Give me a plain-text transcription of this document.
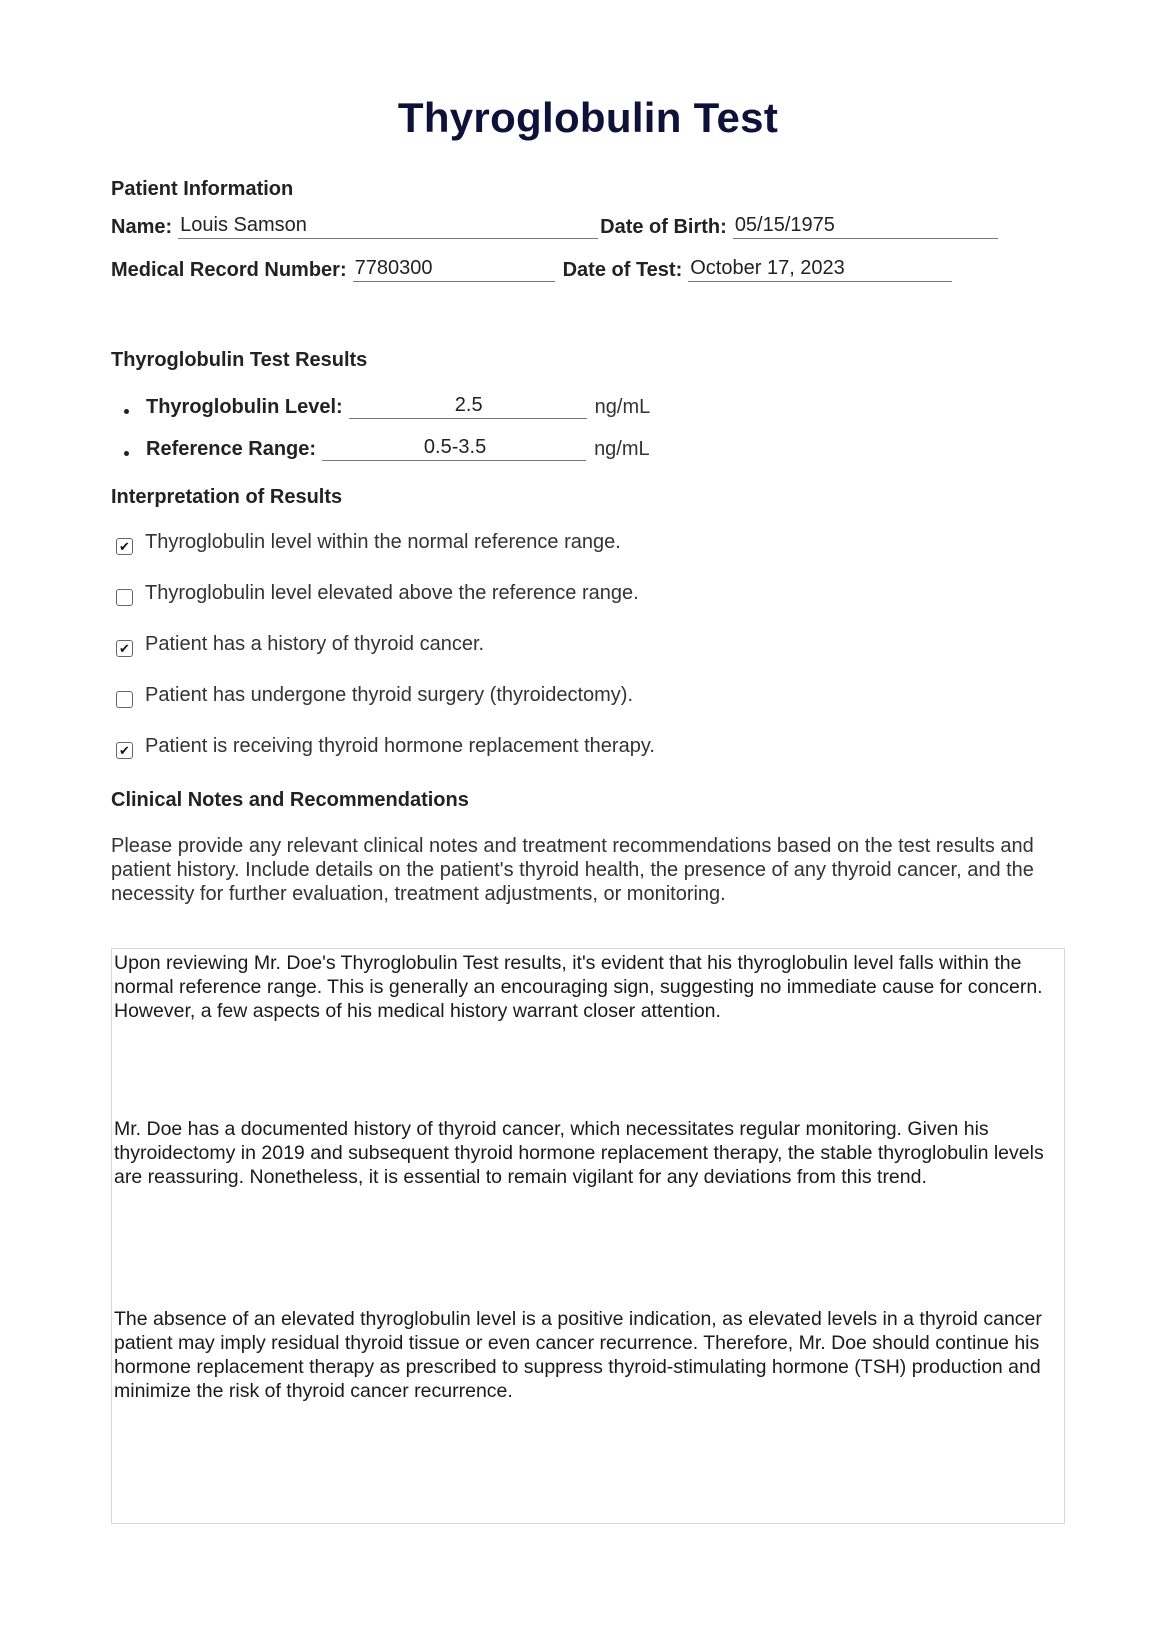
Thyroglobulin Test
Patient Information
Name: Louis Samson	Date of Birth: 05/15/1975
Medical Record Number: 7780300	Date of Test: October 17, 2023
Thyroglobulin Test Results
Thyroglobulin Level:	2.5	ng/mL
Reference Range:	0.5-3.5	ng/mL
Interpretation of Results
✔ Thyroglobulin level within the normal reference range.
Thyroglobulin level elevated above the reference range.
✔ Patient has a history of thyroid cancer.
Patient has undergone thyroid surgery (thyroidectomy).
✔ Patient is receiving thyroid hormone replacement therapy.
Clinical Notes and Recommendations
Please provide any relevant clinical notes and treatment recommendations based on the test results and patient history. Include details on the patient's thyroid health, the presence of any thyroid cancer, and the necessity for further evaluation, treatment adjustments, or monitoring.

Upon reviewing Mr. Doe's Thyroglobulin Test results, it's evident that his thyroglobulin level falls within the normal reference range. This is generally an encouraging sign, suggesting no immediate cause for concern. However, a few aspects of his medical history warrant closer attention.

Mr. Doe has a documented history of thyroid cancer, which necessitates regular monitoring. Given his thyroidectomy in 2019 and subsequent thyroid hormone replacement therapy, the stable thyroglobulin levels are reassuring. Nonetheless, it is essential to remain vigilant for any deviations from this trend.

The absence of an elevated thyroglobulin level is a positive indication, as elevated levels in a thyroid cancer patient may imply residual thyroid tissue or even cancer recurrence. Therefore, Mr. Doe should continue his hormone replacement therapy as prescribed to suppress thyroid-stimulating hormone (TSH) production and minimize the risk of thyroid cancer recurrence.
